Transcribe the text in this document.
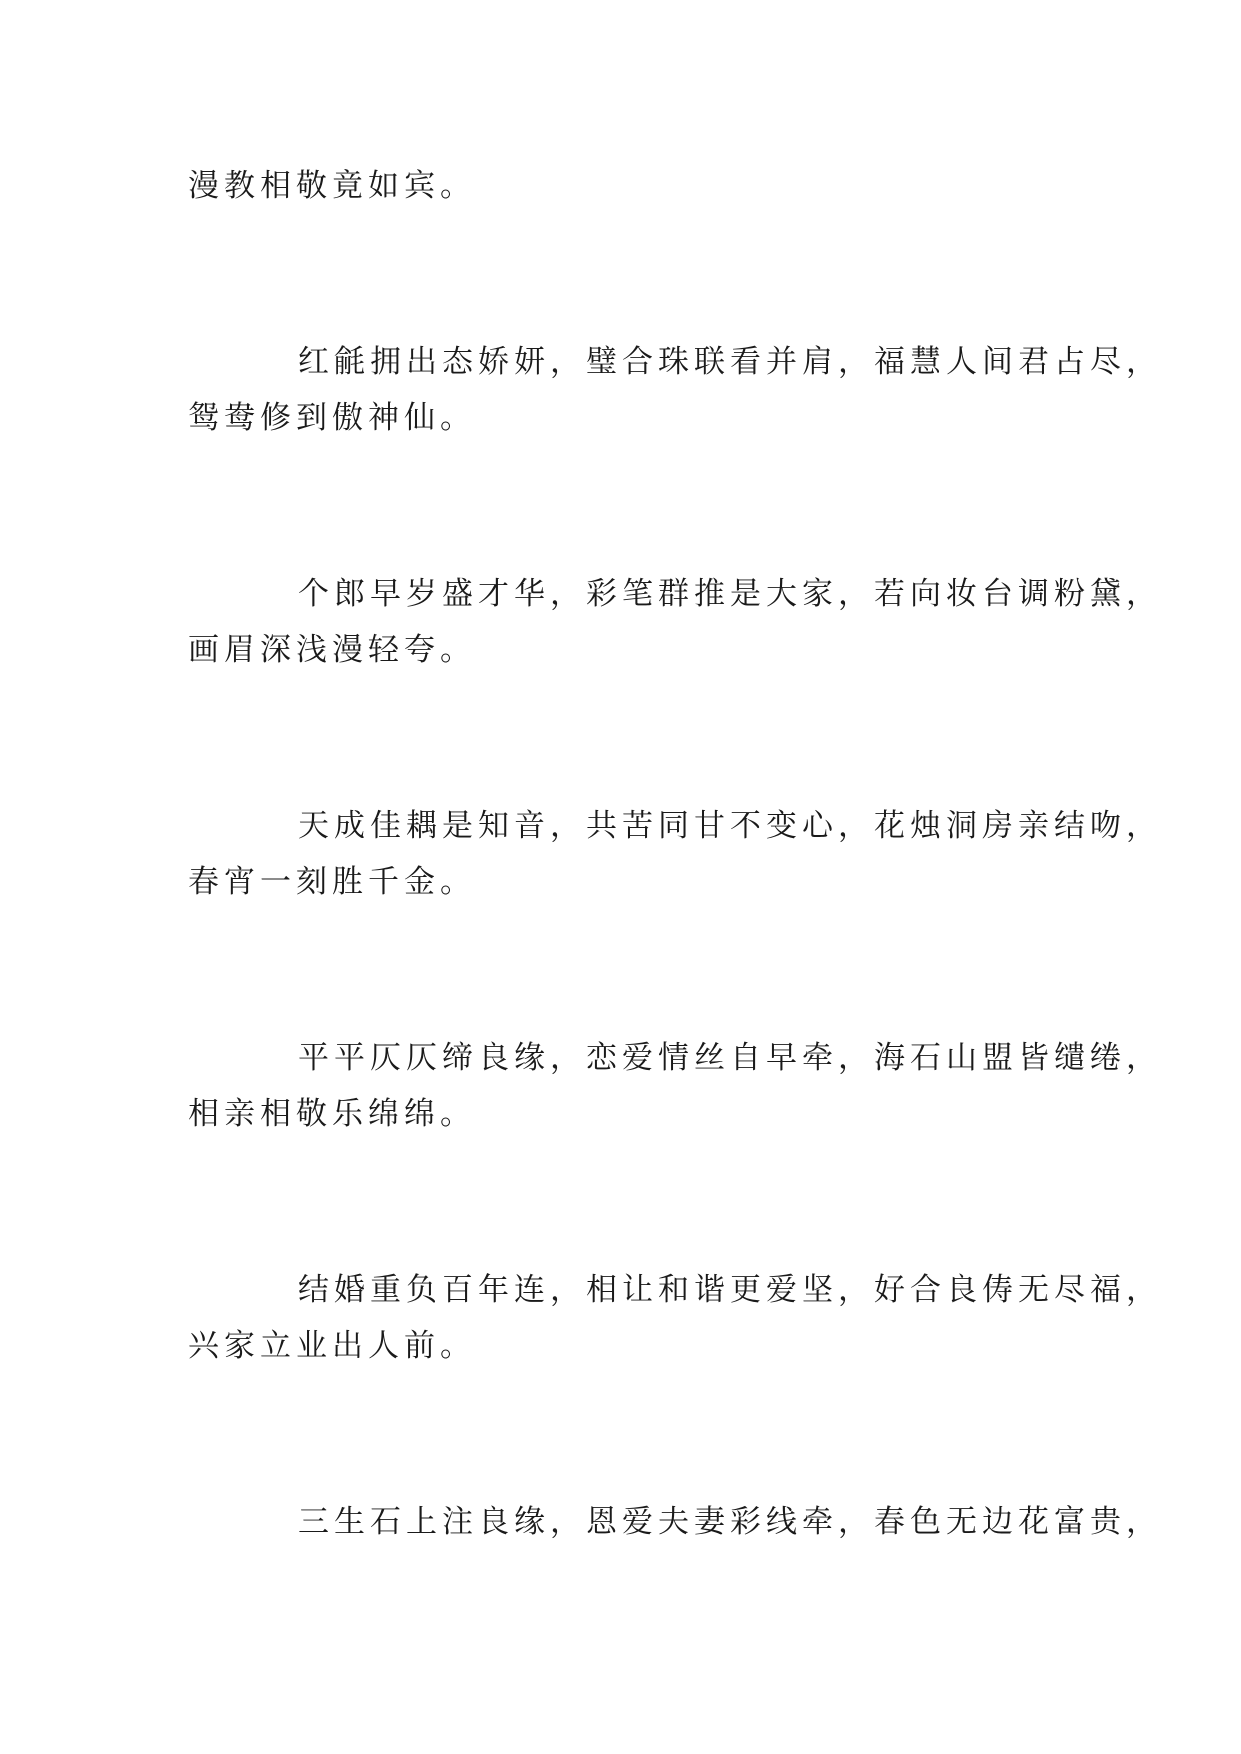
漫教相敬竟如宾。

红毹拥出态娇妍，璧合珠联看并肩，福慧人间君占尽，

鸳鸯修到傲神仙。

个郎早岁盛才华，彩笔群推是大家，若向妆台调粉黛，

画眉深浅漫轻夸。

天成佳耦是知音，共苦同甘不变心，花烛洞房亲结吻，

春宵一刻胜千金。

平平仄仄缔良缘，恋爱情丝自早牵，海石山盟皆缱绻，

相亲相敬乐绵绵。

结婚重负百年连，相让和谐更爱坚，好合良俦无尽福，

兴家立业出人前。

三生石上注良缘，恩爱夫妻彩线牵，春色无边花富贵，
